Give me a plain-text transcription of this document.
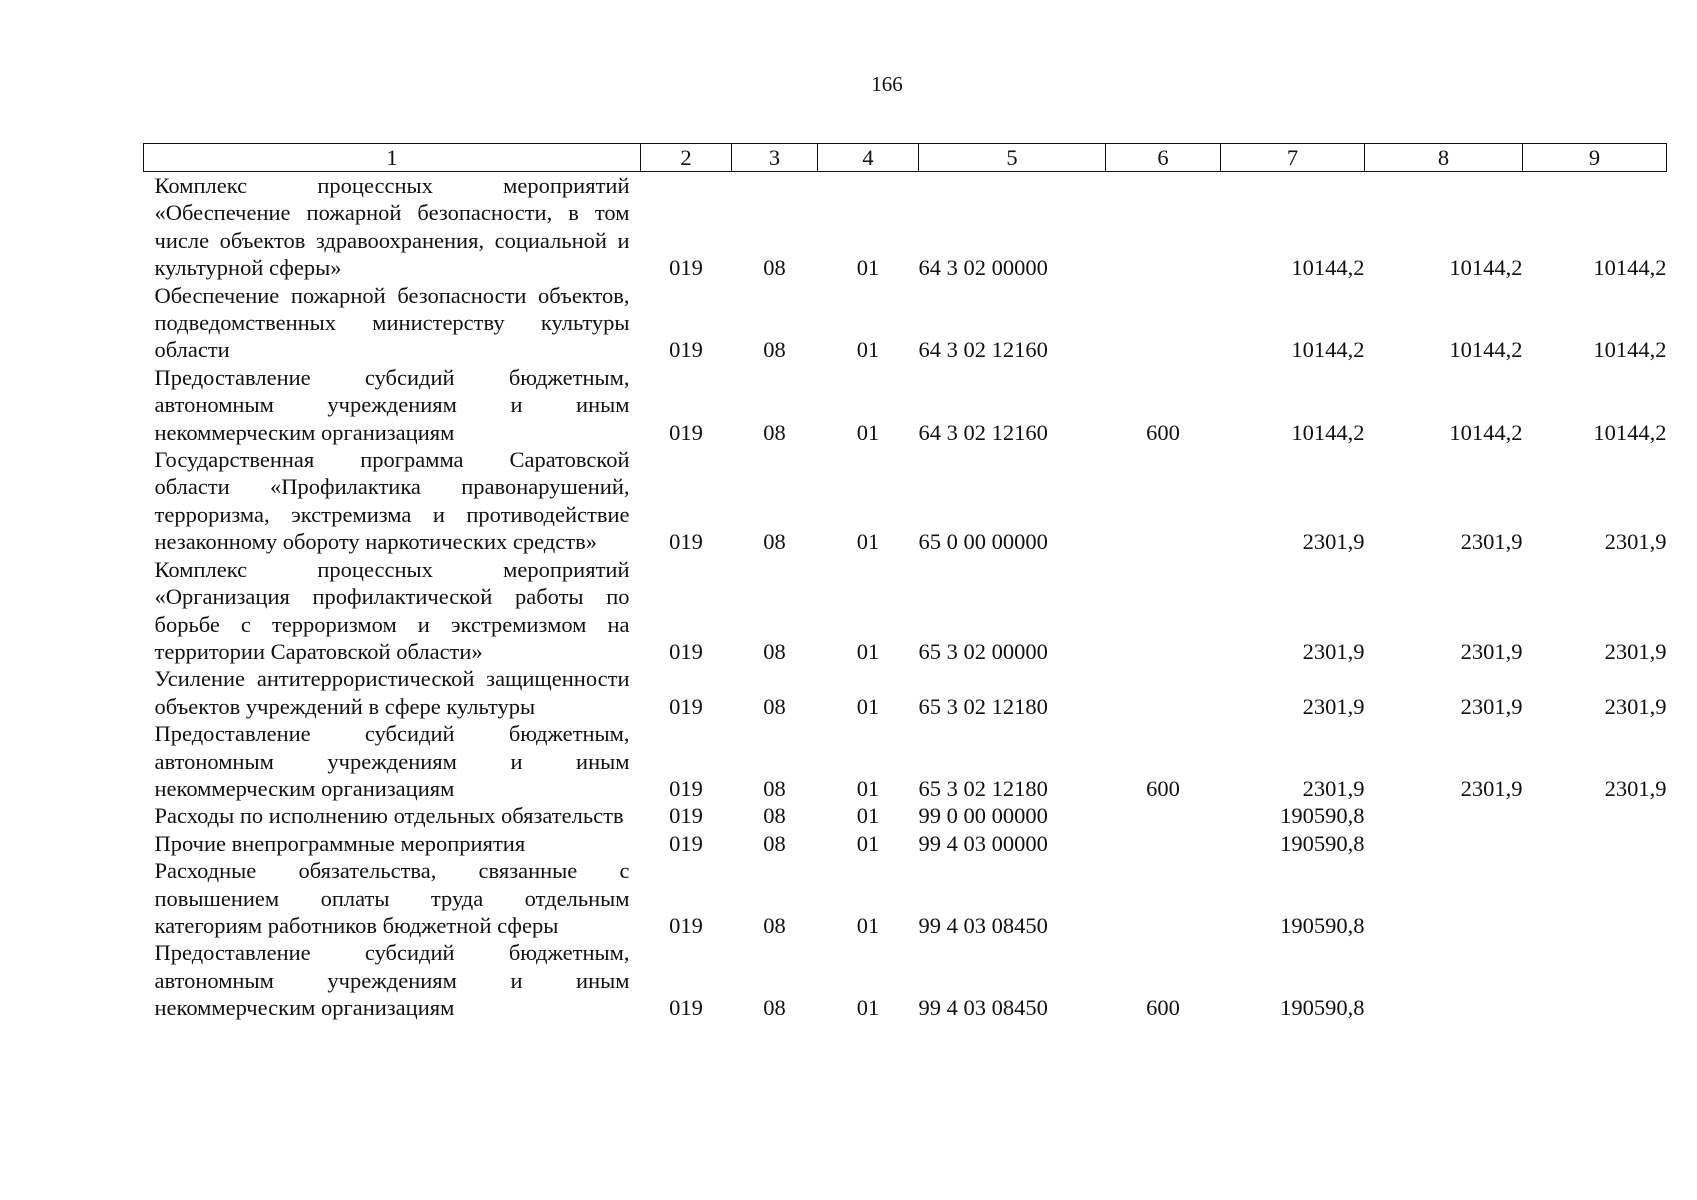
166
1	2	3	4	5	6	7	8	9
Комплекс процессных мероприятий «Обеспечение пожарной безопасности, в том числе объектов здравоохранения, социальной и культурной сферы»	019	08	01	64 3 02 00000		10144,2	10144,2	10144,2
Обеспечение пожарной безопасности объектов, подведомственных министерству культуры области	019	08	01	64 3 02 12160		10144,2	10144,2	10144,2
Предоставление субсидий бюджетным, автономным учреждениям и иным некоммерческим организациям	019	08	01	64 3 02 12160	600	10144,2	10144,2	10144,2
Государственная программа Саратовской области «Профилактика правонарушений, терроризма, экстремизма и противодействие незаконному обороту наркотических средств»	019	08	01	65 0 00 00000		2301,9	2301,9	2301,9
Комплекс процессных мероприятий «Организация профилактической работы по борьбе с терроризмом и экстремизмом на территории Саратовской области»	019	08	01	65 3 02 00000		2301,9	2301,9	2301,9
Усиление антитеррористической защищенности объектов учреждений в сфере культуры	019	08	01	65 3 02 12180		2301,9	2301,9	2301,9
Предоставление субсидий бюджетным, автономным учреждениям и иным некоммерческим организациям	019	08	01	65 3 02 12180	600	2301,9	2301,9	2301,9
Расходы по исполнению отдельных обязательств	019	08	01	99 0 00 00000		190590,8		
Прочие внепрограммные мероприятия	019	08	01	99 4 03 00000		190590,8		
Расходные обязательства, связанные с повышением оплаты труда отдельным категориям работников бюджетной сферы	019	08	01	99 4 03 08450		190590,8		
Предоставление субсидий бюджетным, автономным учреждениям и иным некоммерческим организациям	019	08	01	99 4 03 08450	600	190590,8		
